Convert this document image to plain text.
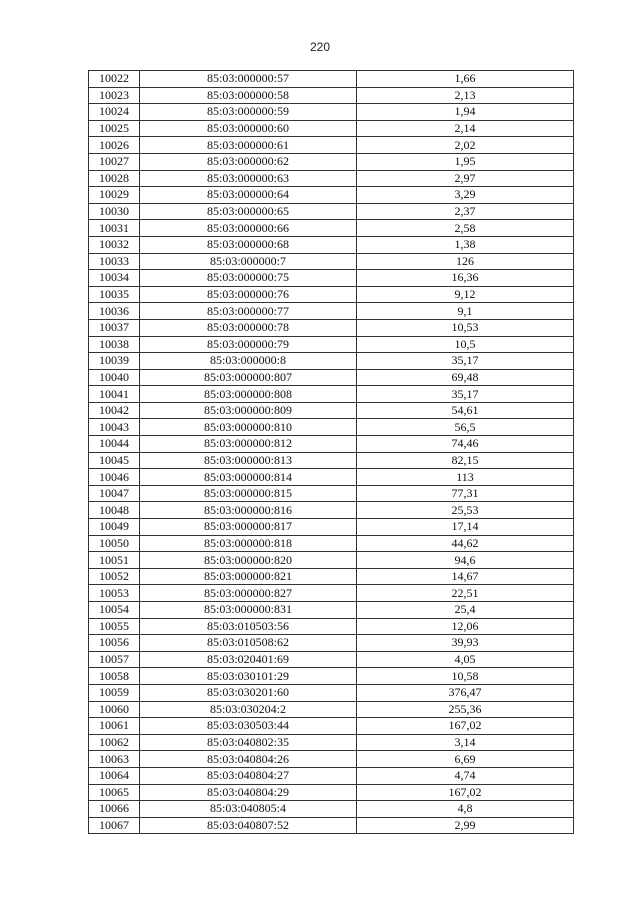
220
10022	85:03:000000:57	1,66
10023	85:03:000000:58	2,13
10024	85:03:000000:59	1,94
10025	85:03:000000:60	2,14
10026	85:03:000000:61	2,02
10027	85:03:000000:62	1,95
10028	85:03:000000:63	2,97
10029	85:03:000000:64	3,29
10030	85:03:000000:65	2,37
10031	85:03:000000:66	2,58
10032	85:03:000000:68	1,38
10033	85:03:000000:7	126
10034	85:03:000000:75	16,36
10035	85:03:000000:76	9,12
10036	85:03:000000:77	9,1
10037	85:03:000000:78	10,53
10038	85:03:000000:79	10,5
10039	85:03:000000:8	35,17
10040	85:03:000000:807	69,48
10041	85:03:000000:808	35,17
10042	85:03:000000:809	54,61
10043	85:03:000000:810	56,5
10044	85:03:000000:812	74,46
10045	85:03:000000:813	82,15
10046	85:03:000000:814	113
10047	85:03:000000:815	77,31
10048	85:03:000000:816	25,53
10049	85:03:000000:817	17,14
10050	85:03:000000:818	44,62
10051	85:03:000000:820	94,6
10052	85:03:000000:821	14,67
10053	85:03:000000:827	22,51
10054	85:03:000000:831	25,4
10055	85:03:010503:56	12,06
10056	85:03:010508:62	39,93
10057	85:03:020401:69	4,05
10058	85:03:030101:29	10,58
10059	85:03:030201:60	376,47
10060	85:03:030204:2	255,36
10061	85:03:030503:44	167,02
10062	85:03:040802:35	3,14
10063	85:03:040804:26	6,69
10064	85:03:040804:27	4,74
10065	85:03:040804:29	167,02
10066	85:03:040805:4	4,8
10067	85:03:040807:52	2,99
